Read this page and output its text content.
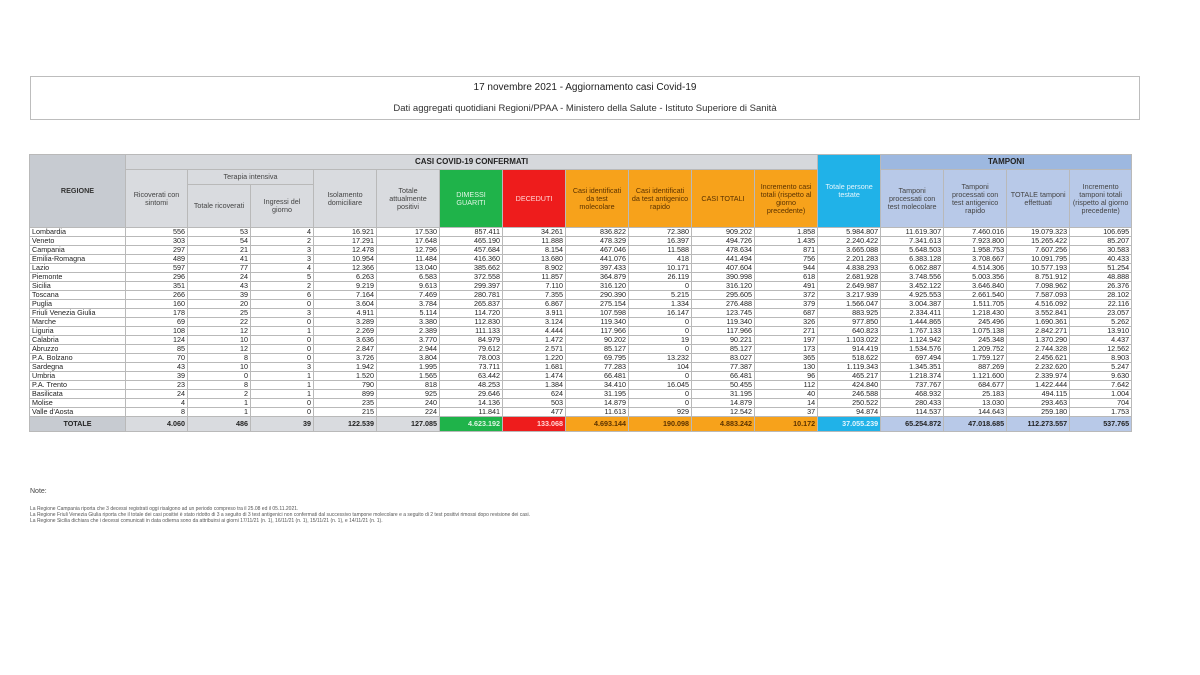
17 novembre 2021 - Aggiornamento casi Covid-19
Dati aggregati quotidiani Regioni/PPAA - Ministero della Salute - Istituto Superiore di Sanità
REGIONE	CASI COVID-19 CONFERMATI											Totale persone testate	TAMPONI			
	Ricoverati con sintomi	Terapia intensiva		Isolamento domiciliare	Totale attualmente positivi	DIMESSI GUARITI	DECEDUTI	Casi identificati da test molecolare	Casi identificati da test antigenico rapido	CASI TOTALI	Incremento casi totali (rispetto al giorno precedente)		Tamponi processati con test molecolare	Tamponi processati con test antigenico rapido	TOTALE tamponi effettuati	Incremento tamponi totali (rispetto al giorno precedente)
		Totale ricoverati	Ingressi del giorno													
Lombardia	556	53	4	16.921	17.530	857.411	34.261	836.822	72.380	909.202	1.858	5.984.807	11.619.307	7.460.016	19.079.323	106.695
Veneto	303	54	2	17.291	17.648	465.190	11.888	478.329	16.397	494.726	1.435	2.240.422	7.341.613	7.923.800	15.265.422	85.207
Campania	297	21	3	12.478	12.796	457.684	8.154	467.046	11.588	478.634	871	3.665.088	5.648.503	1.958.753	7.607.256	30.583
Emilia-Romagna	489	41	3	10.954	11.484	416.360	13.680	441.076	418	441.494	756	2.201.283	6.383.128	3.708.667	10.091.795	40.433
Lazio	597	77	4	12.366	13.040	385.662	8.902	397.433	10.171	407.604	944	4.838.293	6.062.887	4.514.306	10.577.193	51.254
Piemonte	296	24	5	6.263	6.583	372.558	11.857	364.879	26.119	390.998	618	2.681.928	3.748.556	5.003.356	8.751.912	48.888
Sicilia	351	43	2	9.219	9.613	299.397	7.110	316.120	0	316.120	491	2.649.987	3.452.122	3.646.840	7.098.962	26.376
Toscana	266	39	6	7.164	7.469	280.781	7.355	290.390	5.215	295.605	372	3.217.939	4.925.553	2.661.540	7.587.093	28.102
Puglia	160	20	0	3.604	3.784	265.837	6.867	275.154	1.334	276.488	379	1.566.047	3.004.387	1.511.705	4.516.092	22.116
Friuli Venezia Giulia	178	25	3	4.911	5.114	114.720	3.911	107.598	16.147	123.745	687	883.925	2.334.411	1.218.430	3.552.841	23.057
Marche	69	22	0	3.289	3.380	112.830	3.124	119.340	0	119.340	326	977.850	1.444.865	245.496	1.690.361	5.262
Liguria	108	12	1	2.269	2.389	111.133	4.444	117.966	0	117.966	271	640.823	1.767.133	1.075.138	2.842.271	13.910
Calabria	124	10	0	3.636	3.770	84.979	1.472	90.202	19	90.221	197	1.103.022	1.124.942	245.348	1.370.290	4.437
Abruzzo	85	12	0	2.847	2.944	79.612	2.571	85.127	0	85.127	173	914.419	1.534.576	1.209.752	2.744.328	12.562
P.A. Bolzano	70	8	0	3.726	3.804	78.003	1.220	69.795	13.232	83.027	365	518.622	697.494	1.759.127	2.456.621	8.903
Sardegna	43	10	3	1.942	1.995	73.711	1.681	77.283	104	77.387	130	1.119.343	1.345.351	887.269	2.232.620	5.247
Umbria	39	0	1	1.520	1.565	63.442	1.474	66.481	0	66.481	96	465.217	1.218.374	1.121.600	2.339.974	9.630
P.A. Trento	23	8	1	790	818	48.253	1.384	34.410	16.045	50.455	112	424.840	737.767	684.677	1.422.444	7.642
Basilicata	24	2	1	899	925	29.646	624	31.195	0	31.195	40	246.588	468.932	25.183	494.115	1.004
Molise	4	1	0	235	240	14.136	503	14.879	0	14.879	14	250.522	280.433	13.030	293.463	704
Valle d'Aosta	8	1	0	215	224	11.841	477	11.613	929	12.542	37	94.874	114.537	144.643	259.180	1.753
TOTALE	4.060	486	39	122.539	127.085	4.623.192	133.068	4.693.144	190.098	4.883.242	10.172	37.055.239	65.254.872	47.018.685	112.273.557	537.765
Note:
La Regione Campania riporta che 3 decessi registrati oggi risalgono ad un periodo compreso tra il 25.08 ed il 05.11.2021.
La Regione Friuli Venezia Giulia riporta che il totale dei casi positivi è stato ridotto di 3 a seguito di 3 test antigenici non confermati dal successivo tampone molecolare e a seguito di 2 test positivi rimossi dopo revisione dei casi.
La Regione Sicilia dichiara che i decessi comunicati in data odierna sono da attribuirsi ai giorni 17/11/21 (n. 1), 16/11/21 (n. 1), 15/11/21 (n. 1), e 14/11/21 (n. 1).
